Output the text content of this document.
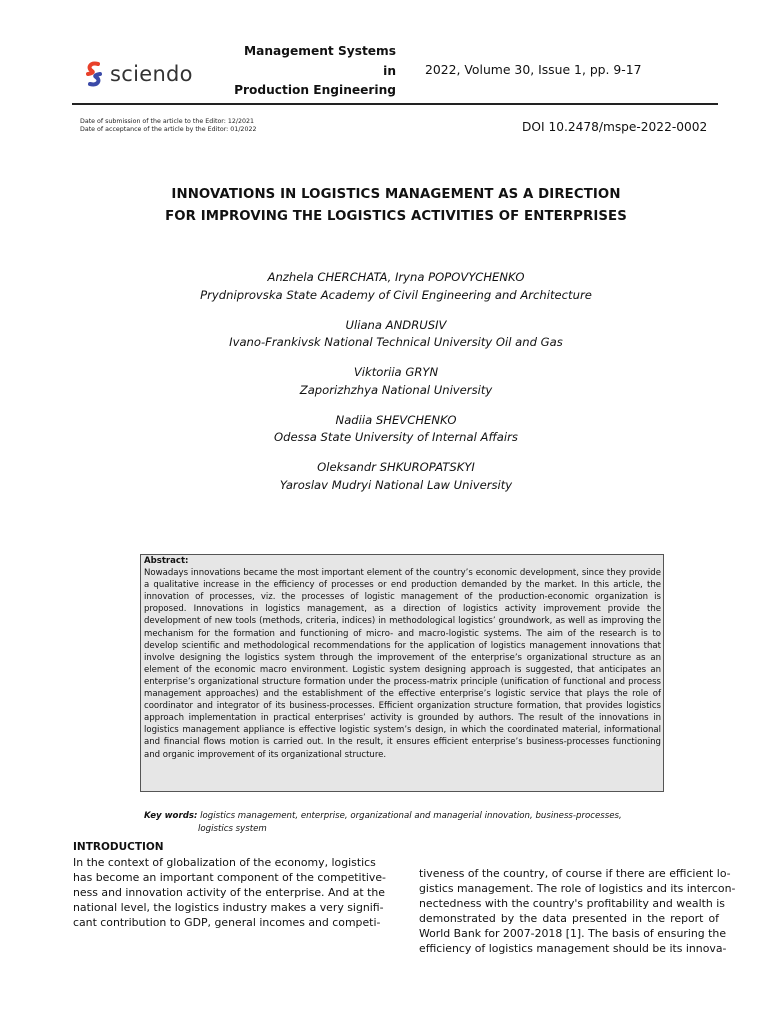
sciendo
Management Systems
in
Production Engineering
2022, Volume 30, Issue 1, pp. 9-17
Date of submission of the article to the Editor: 12/2021
Date of acceptance of the article by the Editor: 01/2022	DOI 10.2478/mspe-2022-0002
INNOVATIONS IN LOGISTICS MANAGEMENT AS A DIRECTION
FOR IMPROVING THE LOGISTICS ACTIVITIES OF ENTERPRISES
Anzhela CHERCHATA, Iryna POPOVYCHENKO
Prydniprovska State Academy of Civil Engineering and Architecture
Uliana ANDRUSIV
Ivano-Frankivsk National Technical University Oil and Gas
Viktoriia GRYN
Zaporizhzhya National University
Nadiia SHEVCHENKO
Odessa State University of Internal Affairs
Oleksandr SHKUROPATSKYI
Yaroslav Mudryi National Law University
Abstract:
Nowadays innovations became the most important element of the country’s economic development, since they provide a qualitative increase in the efficiency of processes or end production demanded by the market. In this article, the innovation of processes, viz. the processes of logistic management of the production-economic organization is proposed. Innovations in logistics management, as a direction of logistics activity improvement provide the development of new tools (methods, criteria, indices) in methodological logistics’ groundwork, as well as improving the mechanism for the formation and functioning of micro- and macro-logistic systems. The aim of the research is to develop scientific and methodological recommendations for the application of logistics management innovations that involve designing the logistics system through the improvement of the enterprise’s organizational structure as an element of the economic macro environment. Logistic system designing approach is suggested, that anticipates an enterprise’s organizational structure formation under the process-matrix principle (unification of functional and process management approaches) and the establishment of the effective enterprise’s logistic service that plays the role of coordinator and integrator of its business-processes. Efficient organization structure formation, that provides logistics approach implementation in practical enterprises’ activity is grounded by authors. The result of the innovations in logistics management appliance is effective logistic system’s design, in which the coordinated material, informational and financial flows motion is carried out. In the result, it ensures efficient enterprise’s business-processes functioning and organic improvement of its organizational structure.
Key words: logistics management, enterprise, organizational and managerial innovation, business-processes,
logistics system
INTRODUCTION
In the context of globalization of the economy, logistics
has become an important component of the competitive-
ness and innovation activity of the enterprise. And at the
national level, the logistics industry makes a very signifi-
cant contribution to GDP, general incomes and competi-
tiveness of the country, of course if there are efficient lo-
gistics management. The role of logistics and its intercon-
nectedness with the country's profitability and wealth is
demonstrated by the data presented in the report of
World Bank for 2007-2018 [1]. The basis of ensuring the
efficiency of logistics management should be its innova-
